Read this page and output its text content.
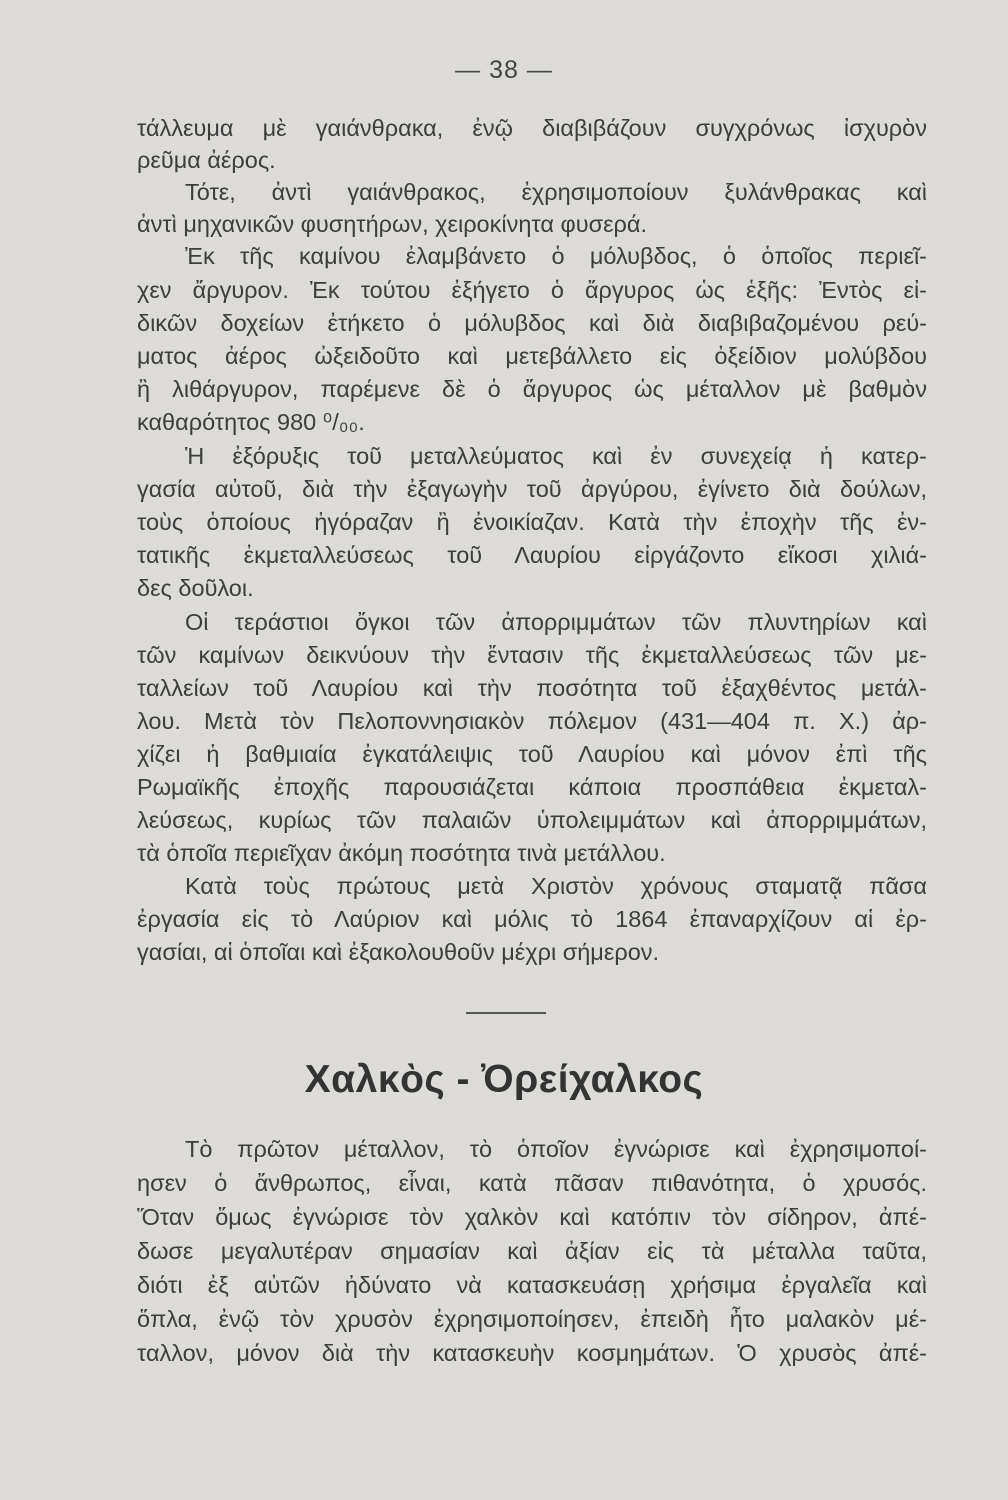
— 38 —
τάλλευμα μὲ γαιάνθρακα, ἐνῷ διαβιβάζουν συγχρόνως ἰσχυρὸν
ρεῦμα ἀέρος.
Τότε, ἀντὶ γαιάνθρακος, ἐχρησιμοποίουν ξυλάνθρακας καὶ
ἀντὶ μηχανικῶν φυσητήρων, χειροκίνητα φυσερά.
Ἐκ τῆς καμίνου ἐλαμβάνετο ὁ μόλυβδος, ὁ ὁποῖος περιεῖ-
χεν ἄργυρον. Ἐκ τούτου ἐξήγετο ὁ ἄργυρος ὡς ἑξῆς: Ἐντὸς εἰ-
δικῶν δοχείων ἐτήκετο ὁ μόλυβδος καὶ διὰ διαβιβαζομένου ρεύ-
ματος ἀέρος ὠξειδοῦτο καὶ μετεβάλλετο εἰς ὀξείδιον μολύβδου
ἢ λιθάργυρον, παρέμενε δὲ ὁ ἄργυρος ὡς μέταλλον μὲ βαθμὸν
καθαρότητος 980 ⁰/₀₀.
Ἡ ἐξόρυξις τοῦ μεταλλεύματος καὶ ἐν συνεχείᾳ ἡ κατερ-
γασία αὐτοῦ, διὰ τὴν ἐξαγωγὴν τοῦ ἀργύρου, ἐγίνετο διὰ δούλων,
τοὺς ὁποίους ἠγόραζαν ἢ ἐνοικίαζαν. Κατὰ τὴν ἐποχὴν τῆς ἐν-
τατικῆς ἐκμεταλλεύσεως τοῦ Λαυρίου εἰργάζοντο εἴκοσι χιλιά-
δες δοῦλοι.
Οἱ τεράστιοι ὄγκοι τῶν ἀπορριμμάτων τῶν πλυντηρίων καὶ
τῶν καμίνων δεικνύουν τὴν ἔντασιν τῆς ἐκμεταλλεύσεως τῶν με-
ταλλείων τοῦ Λαυρίου καὶ τὴν ποσότητα τοῦ ἐξαχθέντος μετάλ-
λου. Μετὰ τὸν Πελοποννησιακὸν πόλεμον (431—404 π. Χ.) ἀρ-
χίζει ἡ βαθμιαία ἐγκατάλειψις τοῦ Λαυρίου καὶ μόνον ἐπὶ τῆς
Ρωμαϊκῆς ἐποχῆς παρουσιάζεται κάποια προσπάθεια ἐκμεταλ-
λεύσεως, κυρίως τῶν παλαιῶν ὑπολειμμάτων καὶ ἀπορριμμάτων,
τὰ ὁποῖα περιεῖχαν ἀκόμη ποσότητα τινὰ μετάλλου.
Κατὰ τοὺς πρώτους μετὰ Χριστὸν χρόνους σταματᾷ πᾶσα
ἐργασία εἰς τὸ Λαύριον καὶ μόλις τὸ 1864 ἐπαναρχίζουν αἱ ἐρ-
γασίαι, αἱ ὁποῖαι καὶ ἐξακολουθοῦν μέχρι σήμερον.
Χαλκὸς - Ὀρείχαλκος
Τὸ πρῶτον μέταλλον, τὸ ὁποῖον ἐγνώρισε καὶ ἐχρησιμοποί-
ησεν ὁ ἄνθρωπος, εἶναι, κατὰ πᾶσαν πιθανότητα, ὁ χρυσός.
Ὅταν ὅμως ἐγνώρισε τὸν χαλκὸν καὶ κατόπιν τὸν σίδηρον, ἀπέ-
δωσε μεγαλυτέραν σημασίαν καὶ ἀξίαν εἰς τὰ μέταλλα ταῦτα,
διότι ἐξ αὐτῶν ἠδύνατο νὰ κατασκευάσῃ χρήσιμα ἐργαλεῖα καὶ
ὅπλα, ἐνῷ τὸν χρυσὸν ἐχρησιμοποίησεν, ἐπειδὴ ἦτο μαλακὸν μέ-
ταλλον, μόνον διὰ τὴν κατασκευὴν κοσμημάτων. Ὁ χρυσὸς ἀπέ-
